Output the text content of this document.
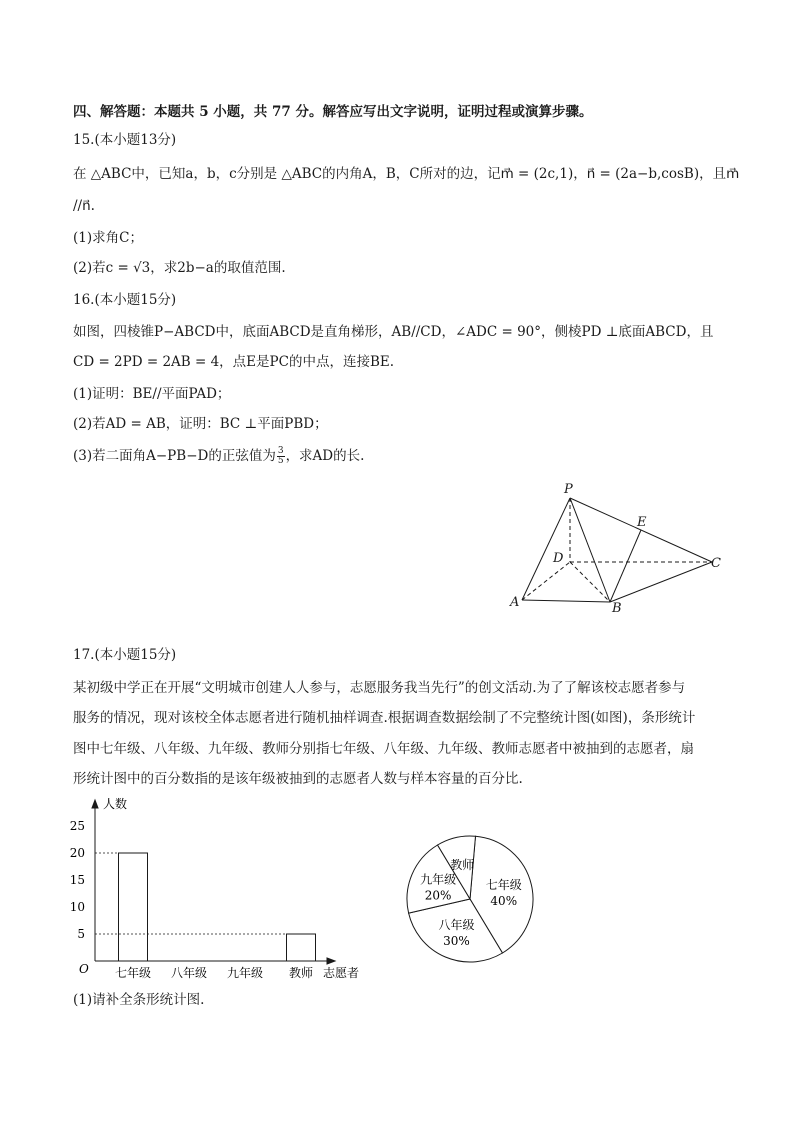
四、解答题：本题共 5 小题，共 77 分。解答应写出文字说明，证明过程或演算步骤。
15.(本小题13分)
在 △ABC中，已知a，b，c分别是 △ABC的内角A，B，C所对的边，记m⃗ = (2c,1)，n⃗ = (2a−b,cosB)，且m⃗
//n⃗.
(1)求角C；
(2)若c = √3，求2b−a的取值范围.
16.(本小题15分)
如图，四棱锥P−ABCD中，底面ABCD是直角梯形，AB//CD，∠ADC = 90°，侧棱PD ⊥底面ABCD，且
CD = 2PD = 2AB = 4，点E是PC的中点，连接BE.
(1)证明：BE//平面PAD；
(2)若AD = AB，证明：BC ⊥平面PBD；
(3)若二面角A−PB−D的正弦值为 $\frac{3}{5}$ ，求AD的长.
P
E
D	C
A	B
17.(本小题15分)
某初级中学正在开展“文明城市创建人人参与，志愿服务我当先行”的创文活动.为了了解该校志愿者参与
服务的情况，现对该校全体志愿者进行随机抽样调查.根据调查数据绘制了不完整统计图(如图)，条形统计
图中七年级、八年级、九年级、教师分别指七年级、八年级、九年级、教师志愿者中被抽到的志愿者，扇
形统计图中的百分数指的是该年级被抽到的志愿者人数与样本容量的百分比.
人数
志愿者
O
5
10
15
20
25
七年级 八年级 九年级 教师
七年级
40%
八年级
30%
九年级
20%
教师
(1)请补全条形统计图.
